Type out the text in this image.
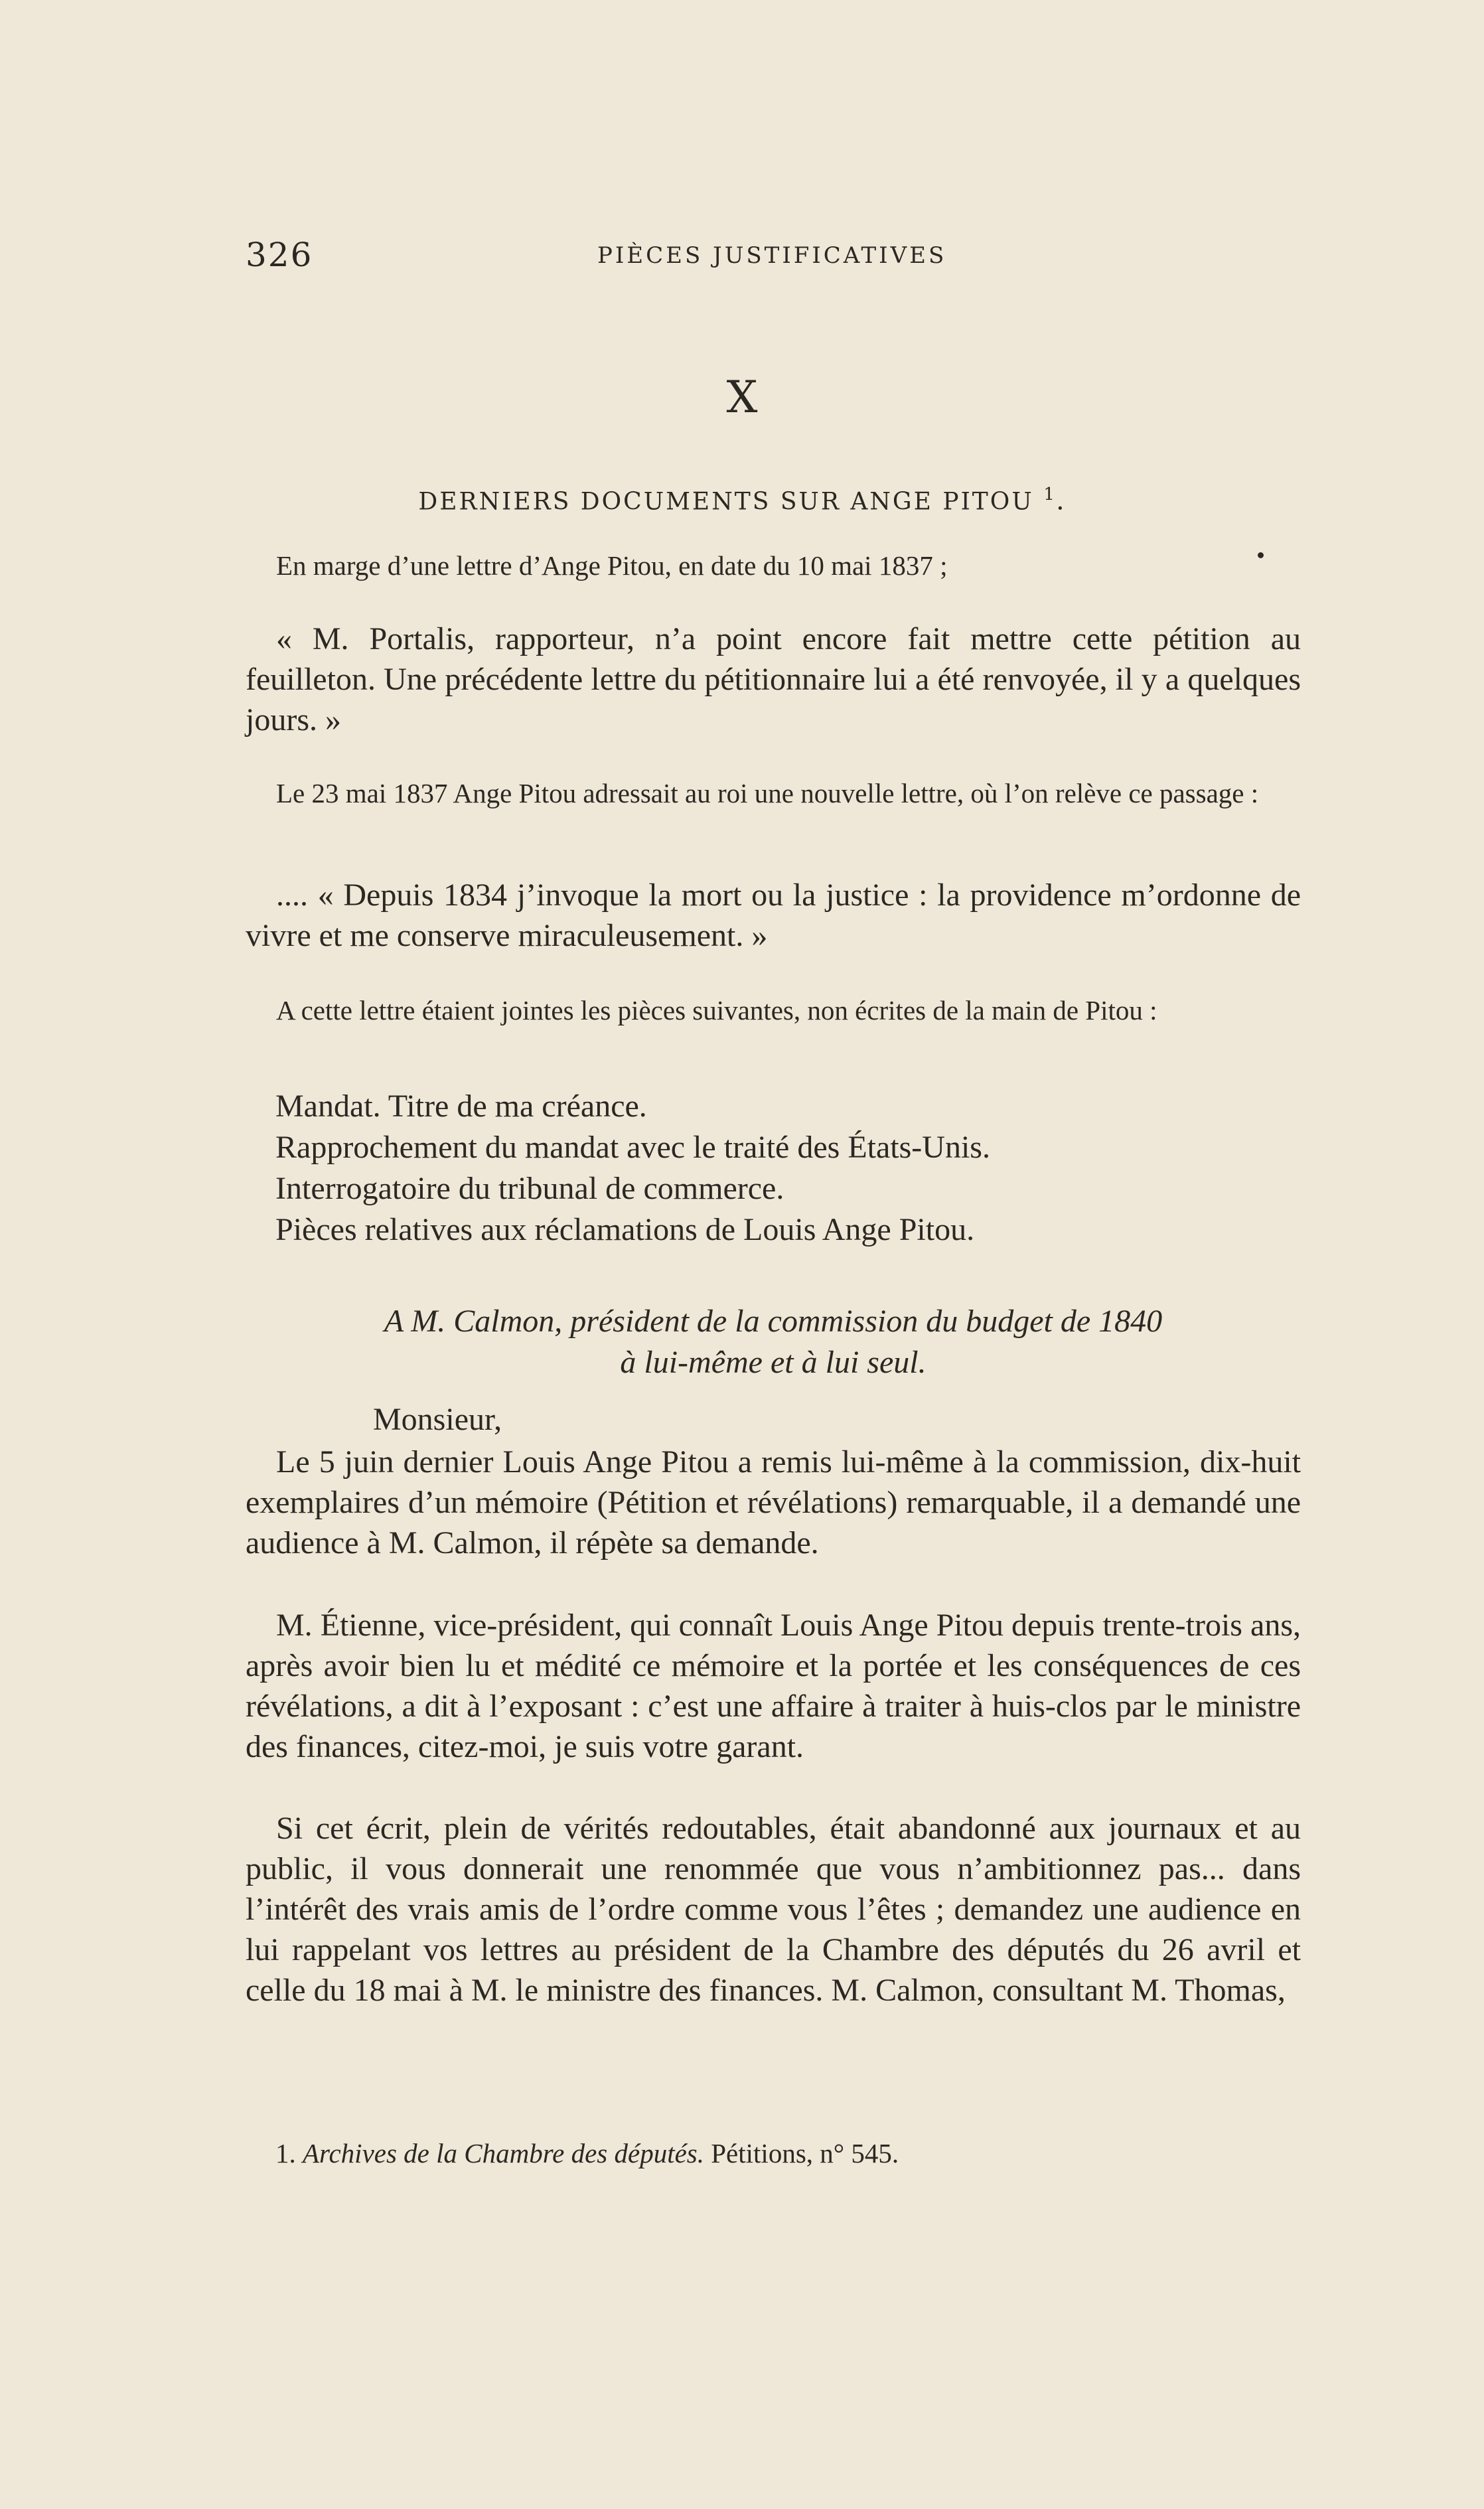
326	PIÈCES JUSTIFICATIVES
X
DERNIERS DOCUMENTS SUR ANGE PITOU $^1$.

En marge d’une lettre d’Ange Pitou, en date du 10 mai 1837 ;

« M. Portalis, rapporteur, n’a point encore fait mettre cette pétition au feuilleton. Une précédente lettre du pétitionnaire lui a été renvoyée, il y a quelques jours. »

Le 23 mai 1837 Ange Pitou adressait au roi une nouvelle lettre, où l’on relève ce passage :

.... « Depuis 1834 j’invoque la mort ou la justice : la providence m’ordonne de vivre et me conserve miraculeusement. »

A cette lettre étaient jointes les pièces suivantes, non écrites de la main de Pitou :

Mandat. Titre de ma créance.
Rapprochement du mandat avec le traité des États-Unis.
Interrogatoire du tribunal de commerce.
Pièces relatives aux réclamations de Louis Ange Pitou.
A M. Calmon, président de la commission du budget de 1840
à lui-même et à lui seul.
Monsieur,

Le 5 juin dernier Louis Ange Pitou a remis lui-même à la commission, dix-huit exemplaires d’un mémoire (Pétition et révélations) remarquable, il a demandé une audience à M. Calmon, il répète sa demande.

M. Étienne, vice-président, qui connaît Louis Ange Pitou depuis trente-trois ans, après avoir bien lu et médité ce mémoire et la portée et les conséquences de ces révélations, a dit à l’exposant : c’est une affaire à traiter à huis-clos par le ministre des finances, citez-moi, je suis votre garant.

Si cet écrit, plein de vérités redoutables, était abandonné aux journaux et au public, il vous donnerait une renommée que vous n’ambitionnez pas... dans l’intérêt des vrais amis de l’ordre comme vous l’êtes ; demandez une audience en lui rappelant vos lettres au président de la Chambre des députés du 26 avril et celle du 18 mai à M. le ministre des finances. M. Calmon, consultant M. Thomas,

1. Archives de la Chambre des députés. Pétitions, n° 545.
